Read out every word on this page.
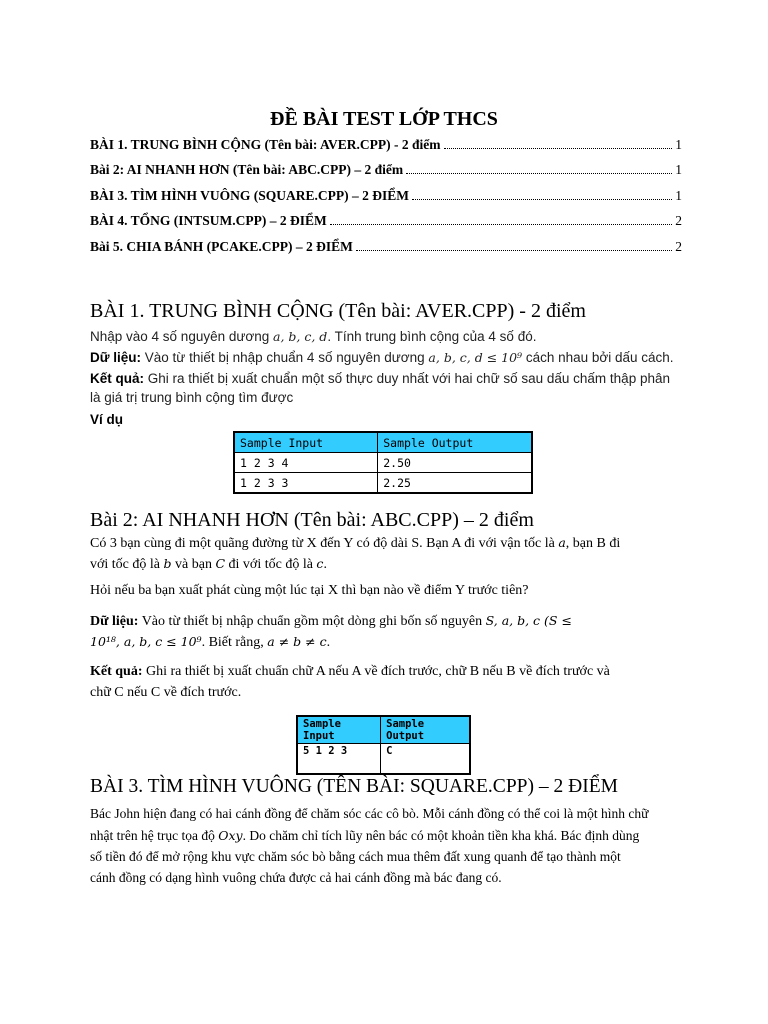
ĐỀ BÀI TEST LỚP THCS
BÀI 1. TRUNG BÌNH CỘNG (Tên bài: AVER.CPP) - 2 điểm	1
Bài 2: AI NHANH HƠN (Tên bài: ABC.CPP) – 2 điểm	1
BÀI 3. TÌM HÌNH VUÔNG (SQUARE.CPP) – 2 ĐIỂM	1
BÀI 4. TỔNG (INTSUM.CPP) – 2 ĐIỂM	2
Bài 5. CHIA BÁNH (PCAKE.CPP) – 2 ĐIỂM	2
BÀI 1. TRUNG BÌNH CỘNG (Tên bài: AVER.CPP) - 2 điểm
Nhập vào 4 số nguyên dương a, b, c, d. Tính trung bình cộng của 4 số đó.
Dữ liệu: Vào từ thiết bị nhập chuẩn 4 số nguyên dương a, b, c, d ≤ 10⁹ cách nhau bởi dấu cách.
Kết quả: Ghi ra thiết bị xuất chuẩn một số thực duy nhất với hai chữ số sau dấu chấm thập phân
là giá trị trung bình cộng tìm được
Ví dụ
Sample Input	Sample Output
1 2 3 4	2.50
1 2 3 3	2.25
Bài 2: AI NHANH HƠN (Tên bài: ABC.CPP) – 2 điểm
Có 3 bạn cùng đi một quãng đường từ X đến Y có độ dài S. Bạn A đi với vận tốc là a, bạn B đi
với tốc độ là b và bạn C đi với tốc độ là c.
Hỏi nếu ba bạn xuất phát cùng một lúc tại X thì bạn nào về điểm Y trước tiên?
Dữ liệu: Vào từ thiết bị nhập chuẩn gồm một dòng ghi bốn số nguyên S, a, b, c (S ≤
10¹⁸, a, b, c ≤ 10⁹. Biết rằng, a ≠ b ≠ c.
Kết quả: Ghi ra thiết bị xuất chuẩn chữ A nếu A về đích trước, chữ B nếu B về đích trước và
chữ C nếu C về đích trước.
Sample Input	Sample Output
5 1 2 3	C
BÀI 3. TÌM HÌNH VUÔNG (TÊN BÀI: SQUARE.CPP) – 2 ĐIỂM
Bác John hiện đang có hai cánh đồng để chăm sóc các cô bò. Mỗi cánh đồng có thể coi là một hình chữ
nhật trên hệ trục tọa độ Oxy. Do chăm chỉ tích lũy nên bác có một khoản tiền kha khá. Bác định dùng
số tiền đó để mở rộng khu vực chăm sóc bò bằng cách mua thêm đất xung quanh để tạo thành một
cánh đồng có dạng hình vuông chứa được cả hai cánh đồng mà bác đang có.
